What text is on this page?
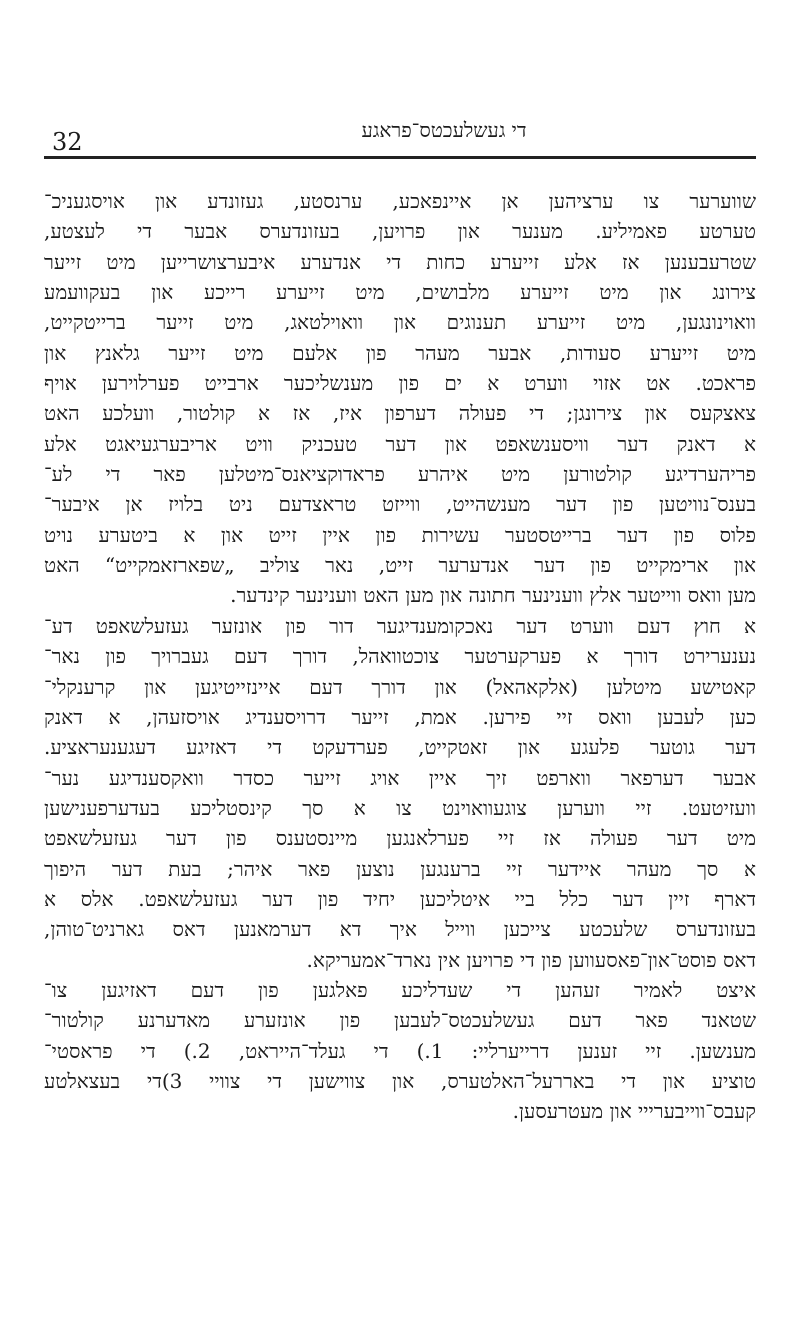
די געשלעכטס־פראגע
32
שווערער צו ערציהען אן איינפאכע, ערנסטע, געזונדע און אויסגעניכ־
טערטע פאמיליע. מענער און פרויען, בעזונדערס אבער די לעצטע,
שטרעבענען אז אלע זייערע כחות די אנדערע איבערצושרייען מיט זייער
צירונג און מיט זייערע מלבושים, מיט זייערע רייכע און בעקוועמע
וואוינונגען, מיט זייערע תענוגים און וואוילטאג, מיט זייער ברייטקייט,
מיט זייערע סעודות, אבער מעהר פון אלעם מיט זייער גלאנץ און
פראכט. אט אזוי ווערט א ים פון מענשליכער ארבייט פערלוירען אויף
צאצקעס און צירונגן; די פעולה דערפון איז, אז א קולטור, וועלכע האט
א דאנק דער וויסענשאפט און דער טעכניק וויט אריבערגעיאגט אלע
פריהערדיגע קולטורען מיט איהרע פראדוקציאנס־מיטלען פאר די לע־
בענס־נוויטען פון דער מענשהייט, ווייזט טראצדעם ניט בלויז אן איבער־
פלוס פון דער ברייטסטער עשירות פון איין זייט און א ביטערע נויט
און ארימקייט פון דער אנדערער זייט, נאר צוליב „שפארזאמקייט“ האט
מען וואס ווייטער אלץ ווענינער חתונה און מען האט ווענינער קינדער.
א חוץ דעם ווערט דער נאכקומענדיגער דור פון אונזער געזעלשאפט דע־
נענערירט דורך א פערקערטער צוכטוואהל, דורך דעם געברויך פון נאר־
קאטישע מיטלען (אלקאהאל) און דורך דעם איינזייטיגען און קרענקלי־
כען לעבען וואס זיי פירען. אמת, זייער דרויסענדיג אויסזעהן, א דאנק
דער גוטער פלעגע און זאטקייט, פערדעקט די דאזיגע דעגענעראציע.
אבער דערפאר ווארפט זיך איין אויג זייער כסדר וואקסענדיגע נער־
וועזיטעט. זיי ווערען צוגעוואוינט צו א סך קינסטליכע בעדערפענישען
מיט דער פעולה אז זיי פערלאנגען מיינסטענס פון דער געזעלשאפט
א סך מעהר איידער זיי ברענגען נוצען פאר איהר; בעת דער היפוך
דארף זיין דער כלל ביי איטליכען יחיד פון דער געזעלשאפט. אלס א
בעזונדערס שלעכטע צייכען ווייל איך דא דערמאנען דאס גארניט־טוהן,
דאס פוסט־און־פאסעווען פון די פרויען אין נארד־אמעריקא.
איצט לאמיר זעהען די שעדליכע פאלגען פון דעם דאזיגען צו־
שטאנד פאר דעם געשלעכטס־לעבען פון אונזערע מאדערנע קולטור־
מענשען. זיי זענען דרייערליי: 1.) די געלד־הייראט, 2.) די פראסטי־
טוציע און די באררעל־האלטערס, און צווישען די צוויי 3)די בעצאלטע
קעבס־ווייבערייי און מעטרעסען.
